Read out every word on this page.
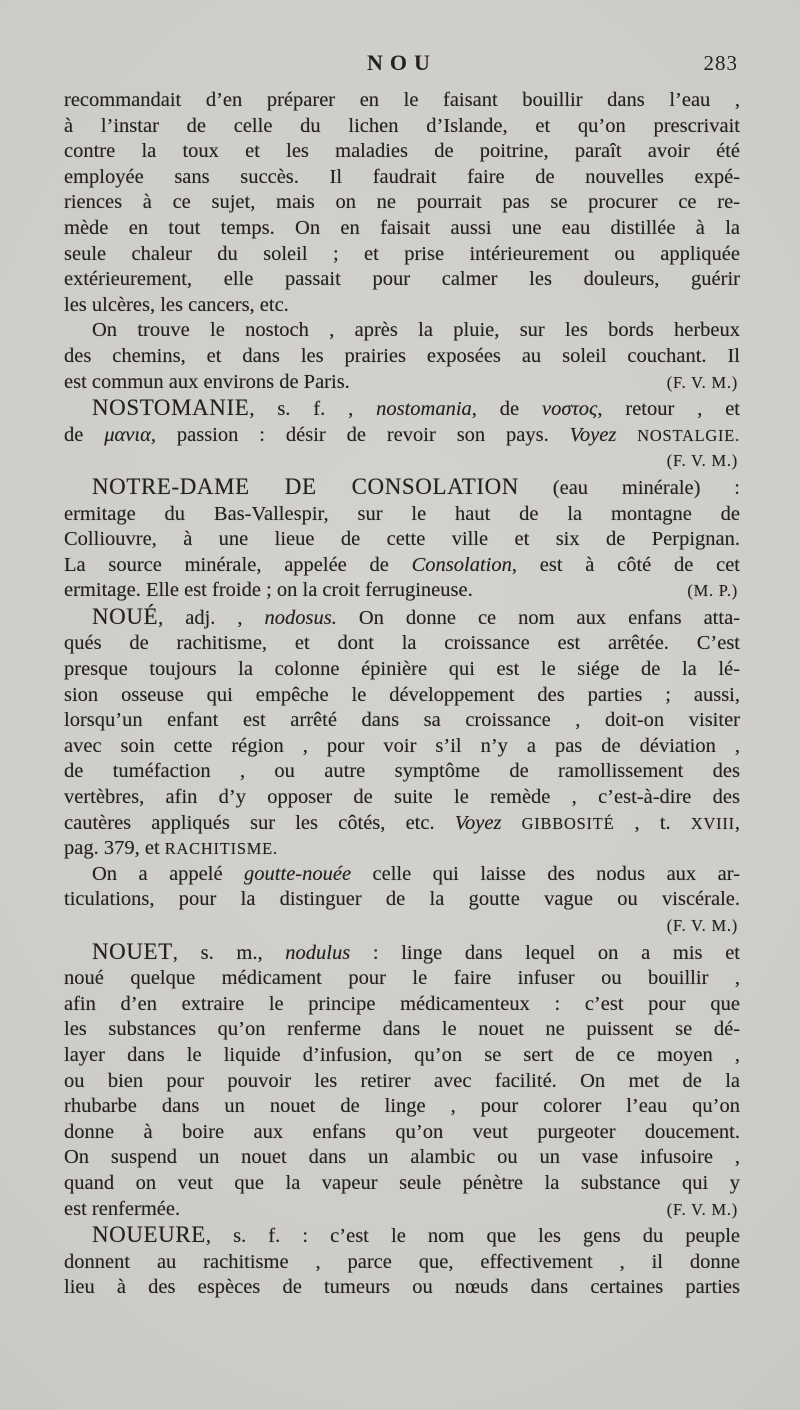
NOU	283
recommandait d’en préparer en le faisant bouillir dans l’eau ,
à l’instar de celle du lichen d’Islande, et qu’on prescrivait
contre la toux et les maladies de poitrine, paraît avoir été
employée sans succès. Il faudrait faire de nouvelles expé-
riences à ce sujet, mais on ne pourrait pas se procurer ce re-
mède en tout temps. On en faisait aussi une eau distillée à la
seule chaleur du soleil ; et prise intérieurement ou appliquée
extérieurement, elle passait pour calmer les douleurs, guérir
les ulcères, les cancers, etc.
On trouve le nostoch , après la pluie, sur les bords herbeux
des chemins, et dans les prairies exposées au soleil couchant. Il
est commun aux environs de Paris.	(F. V. M.)
NOSTOMANIE, s. f. , nostomania, de νοστος, retour , et
de μανια, passion : désir de revoir son pays. Voyez NOSTALGIE.
(F. V. M.)
NOTRE-DAME DE CONSOLATION (eau minérale) :
ermitage du Bas-Vallespir, sur le haut de la montagne de
Colliouvre, à une lieue de cette ville et six de Perpignan.
La source minérale, appelée de Consolation, est à côté de cet
ermitage. Elle est froide ; on la croit ferrugineuse.	(M. P.)
NOUÉ, adj. , nodosus. On donne ce nom aux enfans atta-
qués de rachitisme, et dont la croissance est arrêtée. C’est
presque toujours la colonne épinière qui est le siége de la lé-
sion osseuse qui empêche le développement des parties ; aussi,
lorsqu’un enfant est arrêté dans sa croissance , doit-on visiter
avec soin cette région , pour voir s’il n’y a pas de déviation ,
de tuméfaction , ou autre symptôme de ramollissement des
vertèbres, afin d’y opposer de suite le remède , c’est-à-dire des
cautères appliqués sur les côtés, etc. Voyez GIBBOSITÉ , t. XVIII,
pag. 379, et RACHITISME.
On a appelé goutte-nouée celle qui laisse des nodus aux ar-
ticulations, pour la distinguer de la goutte vague ou viscérale.
(F. V. M.)
NOUET, s. m., nodulus : linge dans lequel on a mis et
noué quelque médicament pour le faire infuser ou bouillir ,
afin d’en extraire le principe médicamenteux : c’est pour que
les substances qu’on renferme dans le nouet ne puissent se dé-
layer dans le liquide d’infusion, qu’on se sert de ce moyen ,
ou bien pour pouvoir les retirer avec facilité. On met de la
rhubarbe dans un nouet de linge , pour colorer l’eau qu’on
donne à boire aux enfans qu’on veut purgeoter doucement.
On suspend un nouet dans un alambic ou un vase infusoire ,
quand on veut que la vapeur seule pénètre la substance qui y
est renfermée.	(F. V. M.)
NOUEURE, s. f. : c’est le nom que les gens du peuple
donnent au rachitisme , parce que, effectivement , il donne
lieu à des espèces de tumeurs ou nœuds dans certaines parties
